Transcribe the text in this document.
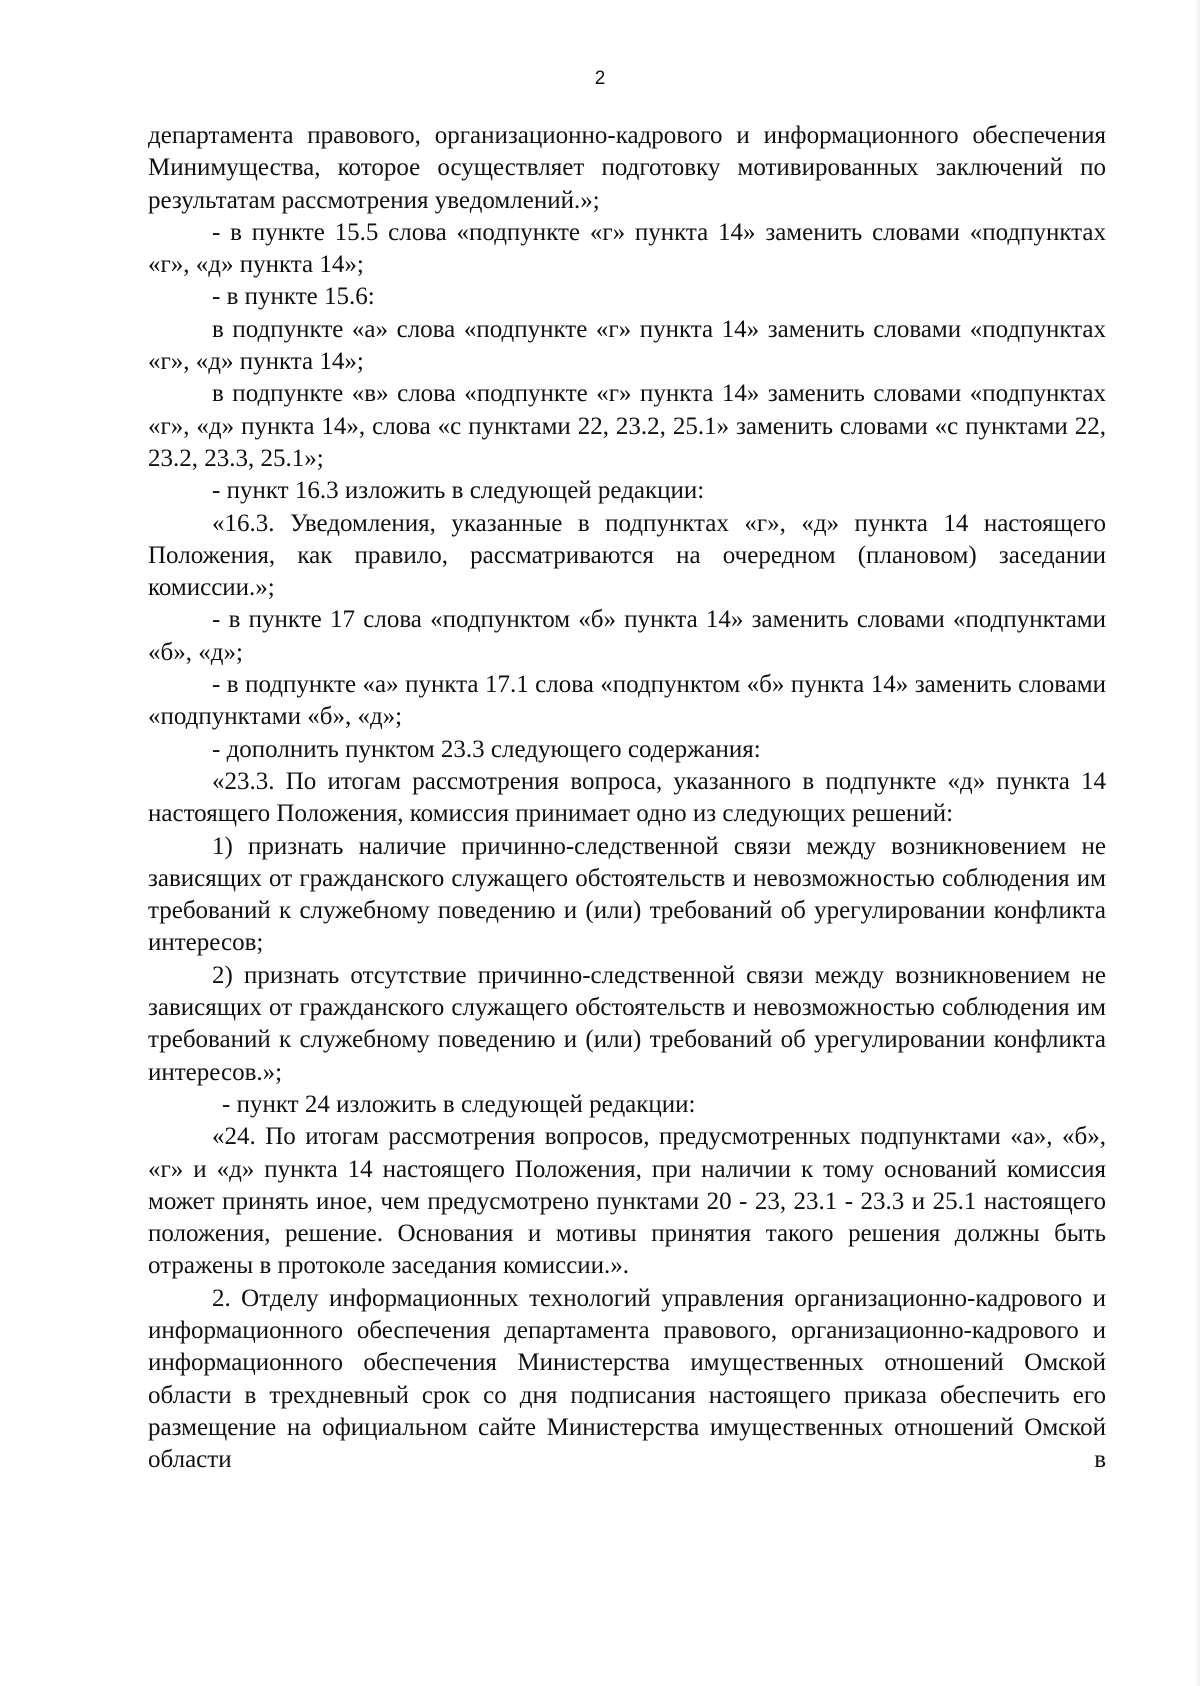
2

департамента правового, организационно-кадрового и информационного обеспечения Минимущества, которое осуществляет подготовку мотивированных заключений по результатам рассмотрения уведомлений.»;

- в пункте 15.5 слова «подпункте «г» пункта 14» заменить словами «подпунктах «г», «д» пункта 14»;

- в пункте 15.6:

в подпункте «а» слова «подпункте «г» пункта 14» заменить словами «подпунктах «г», «д» пункта 14»;

в подпункте «в» слова «подпункте «г» пункта 14» заменить словами «подпунктах «г», «д» пункта 14», слова «с пунктами 22, 23.2, 25.1» заменить словами «с пунктами 22, 23.2, 23.3, 25.1»;

- пункт 16.3 изложить в следующей редакции:

«16.3. Уведомления, указанные в подпунктах «г», «д» пункта 14 настоящего Положения, как правило, рассматриваются на очередном (плановом) заседании комиссии.»;

- в пункте 17 слова «подпунктом «б» пункта 14» заменить словами «подпунктами «б», «д»;

- в подпункте «а» пункта 17.1 слова «подпунктом «б» пункта 14» заменить словами «подпунктами «б», «д»;

- дополнить пунктом 23.3 следующего содержания:

«23.3. По итогам рассмотрения вопроса, указанного в подпункте «д» пункта 14 настоящего Положения, комиссия принимает одно из следующих решений:

1) признать наличие причинно-следственной связи между возникновением не зависящих от гражданского служащего обстоятельств и невозможностью соблюдения им требований к служебному поведению и (или) требований об урегулировании конфликта интересов;

2) признать отсутствие причинно-следственной связи между возникновением не зависящих от гражданского служащего обстоятельств и невозможностью соблюдения им требований к служебному поведению и (или) требований об урегулировании конфликта интересов.»;

- пункт 24 изложить в следующей редакции:

«24. По итогам рассмотрения вопросов, предусмотренных подпунктами «а», «б», «г» и «д» пункта 14 настоящего Положения, при наличии к тому оснований комиссия может принять иное, чем предусмотрено пунктами 20 - 23, 23.1 - 23.3 и 25.1 настоящего положения, решение. Основания и мотивы принятия такого решения должны быть отражены в протоколе заседания комиссии.».

2. Отделу информационных технологий управления организационно-кадрового и информационного обеспечения департамента правового, организационно-кадрового и информационного обеспечения Министерства имущественных отношений Омской области в трехдневный срок со дня подписания настоящего приказа обеспечить его размещение на официальном сайте Министерства имущественных отношений Омской области в
